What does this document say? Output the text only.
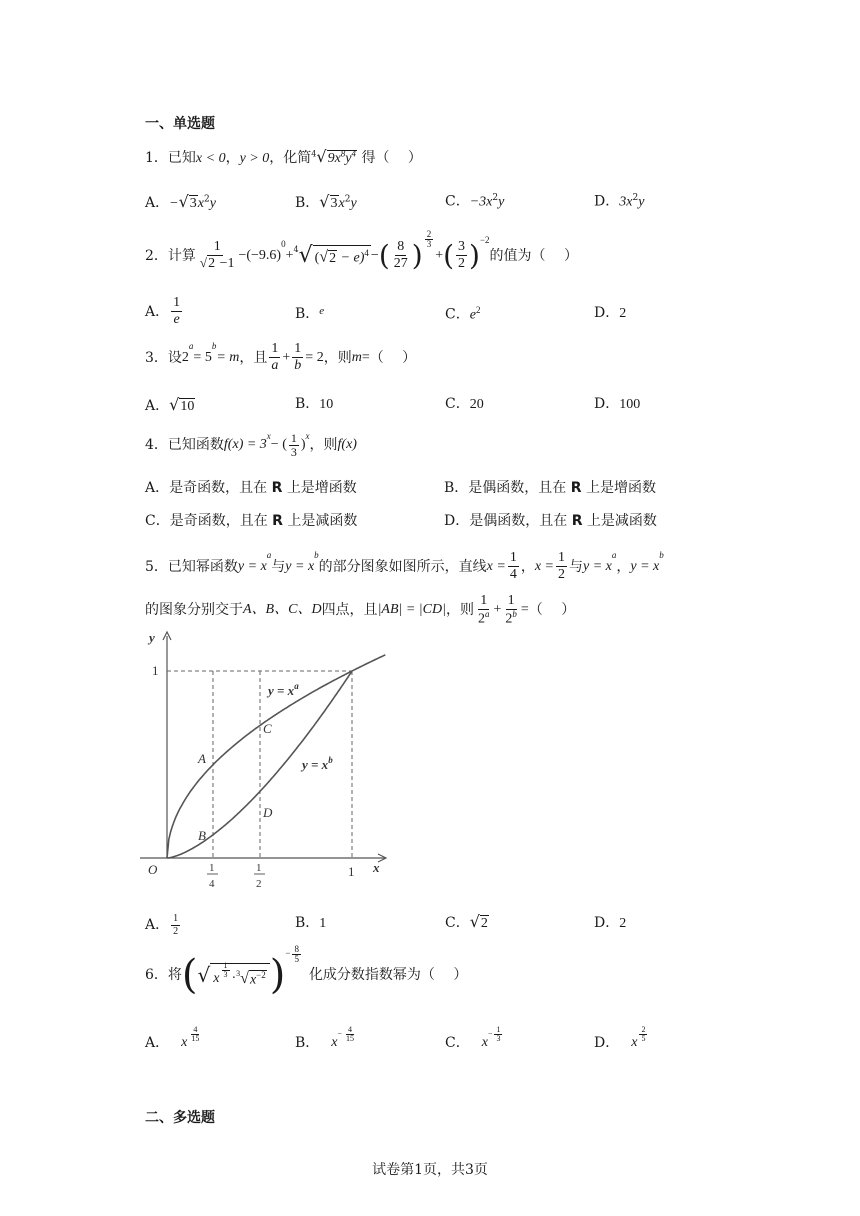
一、单选题
1．已知x < 0，y > 0，化简$^4√9x^8y^4$ 得（　 ）
A．$-√3x^2y$	B．$√3x^2y$	C．$-3x^2y$	D．$3x^2y$
2． 计算 $\frac{1}{√2 -1} -(-9.6)$
$^0$
+ $^4$ √ $(√2 - e)^4$ − ( $\frac{8}{27}$ ) $\frac{2}{3}$
+ ( $\frac{3}{2} )^{-2}$
的值为（　 ）
A． $\frac{1}{e}$	B．$^e$	C．$e^2$	D．2
3． 设 2
$^a$
= 5
$^b$
= m ，且 $\frac{1}{a} + \frac{1}{b} = 2$ ，则 m = （　 ）
A．√10	B．10	C．20	D．100
4． 已知函数 f(x) = 3
$^x$
− ( $\frac{1}{3}$ )
$^x$
，则 f(x)
A．是奇函数，且在 R 上是增函数	B．是偶函数，且在 R 上是增函数
C．是奇函数，且在 R 上是减函数	D．是偶函数，且在 R 上是减函数
5． 已知幂函数 y = x
$^a$
与 y = x
$^b$
的部分图象如图所示，直线 $x = \frac{1}{4}$ ， $x = \frac{1}{2}$ 与 y = x
$^a$
， y = x
$^b$
的图象分别交于 A、B、C、D 四点，且 |AB| = |CD| ，则 $\frac{1}{2^a} + \frac{1}{2^b}$ = （　 ）
y
x
O
1
1
1
4
1
2
$y = x^a$
$y = x^b$
A
B
C
D
A． $\frac{1}{2}$	B．1	C．√2	D．2
6． 将 ( √ x $\frac{1}{3} \cdot^3$ √ $x^{-2}$ ) − $\frac{8}{5}$
化成分数指数幂为（　 ）
A． x $\frac{4}{15}$	B． x
− $\frac{4}{15}$	C． x
− $\frac{1}{3}$	D． x $\frac{2}{5}$
二、多选题
试卷第1页，共3页
